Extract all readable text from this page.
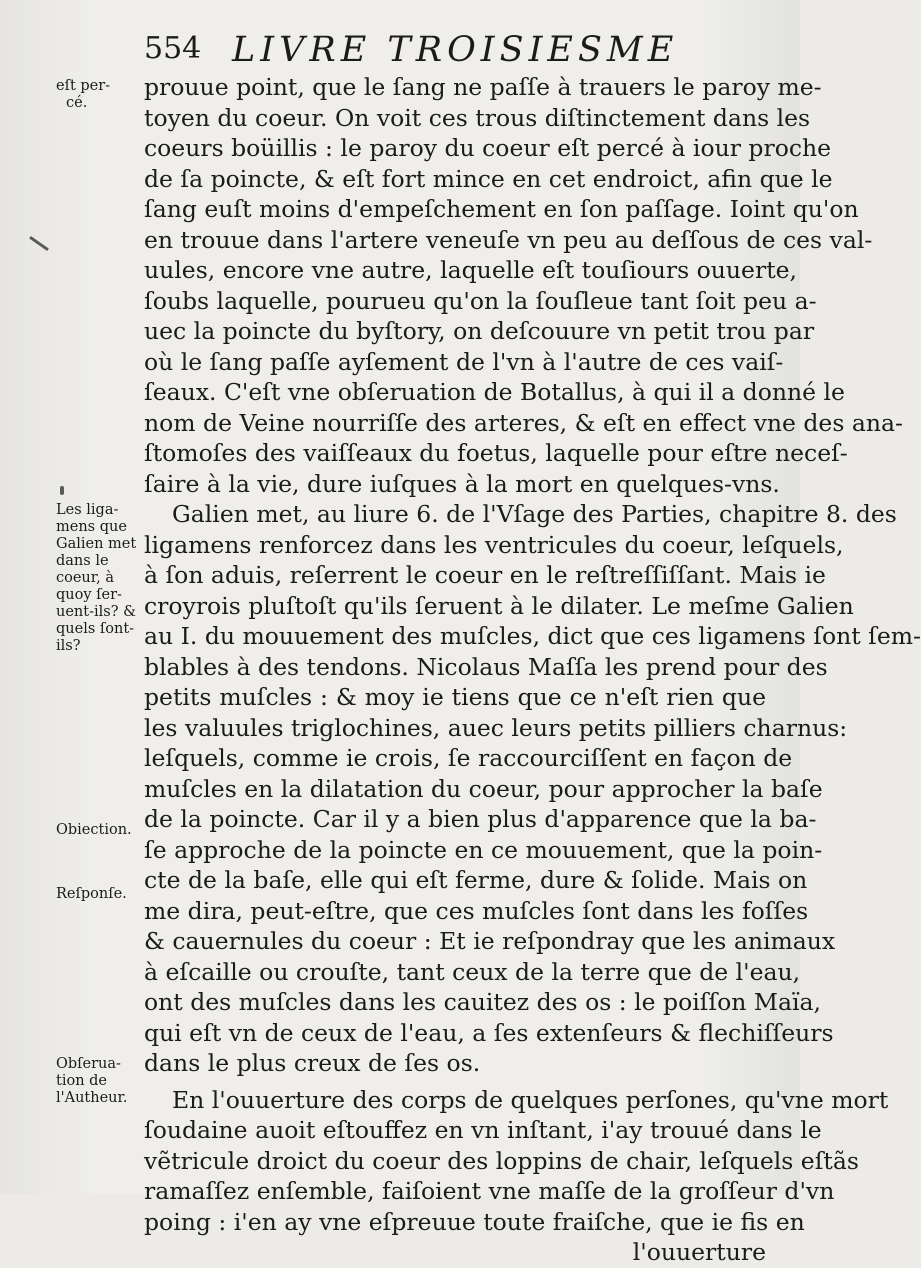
554 LIVRE TROISIESME
prouue point, que le ſang ne paſſe à trauers le paroy me-
toyen du coeur. On voit ces trous diſtinctement dans les
coeurs boüillis : le paroy du coeur eſt percé à iour proche
de ſa poincte, & eſt fort mince en cet endroict, afin que le
ſang euſt moins d'empeſchement en ſon paſſage. Ioint qu'on
en trouue dans l'artere veneuſe vn peu au deſſous de ces val-
uules, encore vne autre, laquelle eſt touſiours ouuerte,
ſoubs laquelle, pourueu qu'on la ſouſleue tant ſoit peu a-
uec la poincte du byſtory, on deſcouure vn petit trou par
où le ſang paſſe ayſement de l'vn à l'autre de ces vaiſ-
ſeaux. C'eſt vne obſeruation de Botallus, à qui il a donné le
nom de Veine nourriſſe des arteres, & eſt en effect vne des ana-
ſtomoſes des vaiſſeaux du foetus, laquelle pour eſtre neceſ-
ſaire à la vie, dure iuſques à la mort en quelques-vns.
Galien met, au liure 6. de l'Vſage des Parties, chapitre 8. des
ligamens renforcez dans les ventricules du coeur, leſquels,
à ſon aduis, reſerrent le coeur en le reſtreſſiſſant. Mais ie
croyrois pluſtoſt qu'ils ſeruent à le dilater. Le meſme Galien
au I. du mouuement des muſcles, dict que ces ligamens ſont ſem-
blables à des tendons. Nicolaus Maſſa les prend pour des
petits muſcles : & moy ie tiens que ce n'eſt rien que
les valuules triglochines, auec leurs petits pilliers charnus:
leſquels, comme ie crois, ſe raccourciſſent en façon de
muſcles en la dilatation du coeur, pour approcher la baſe
de la poincte. Car il y a bien plus d'apparence que la ba-
ſe approche de la poincte en ce mouuement, que la poin-
cte de la baſe, elle qui eſt ferme, dure & ſolide. Mais on
me dira, peut-eſtre, que ces muſcles ſont dans les foſſes
& cauernules du coeur : Et ie reſpondray que les animaux
à eſcaille ou crouſte, tant ceux de la terre que de l'eau,
ont des muſcles dans les cauitez des os : le poiſſon Maïa,
qui eſt vn de ceux de l'eau, a ſes extenſeurs & flechiſſeurs
dans le plus creux de ſes os.
En l'ouuerture des corps de quelques perſones, qu'vne mort
ſoudaine auoit eſtouffez en vn inſtant, i'ay trouué dans le
vẽtricule droict du coeur des loppins de chair, leſquels eſtãs
ramaſſez enſemble, faiſoient vne maſſe de la groſſeur d'vn
poing : i'en ay vne eſpreuue toute fraiſche, que ie fis en
l'ouuerture
eſt per-
cé.
Les liga-
mens que
Galien met
dans le
coeur, à
quoy ſer-
uent-ils? &
quels ſont-
ils?
Obiection.
Reſponſe.
Obſerua-
tion de
l'Autheur.
